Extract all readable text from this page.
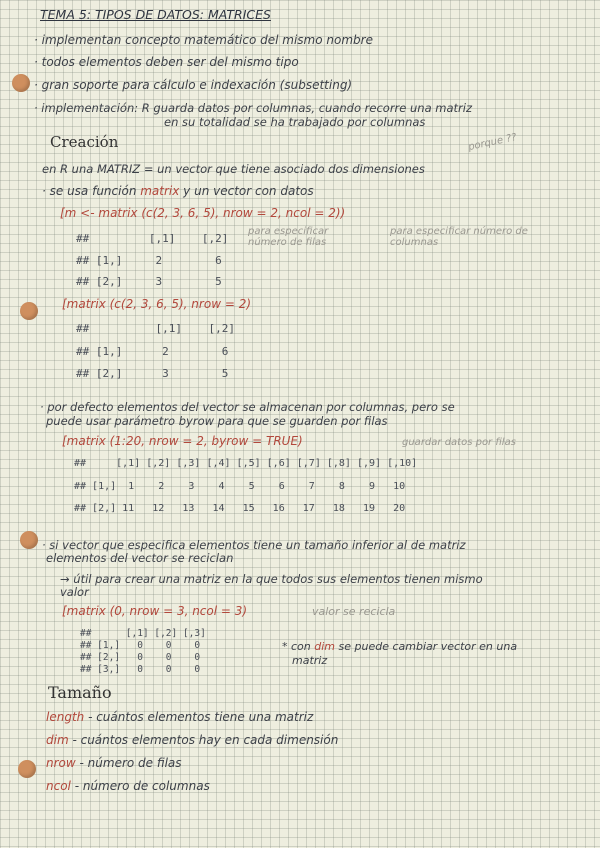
TEMA 5: TIPOS DE DATOS: MATRICES
· implementan concepto matemático del mismo nombre
· todos elementos deben ser del mismo tipo
· gran soporte para cálculo e indexación (subsetting)
· implementación: R guarda datos por columnas, cuando recorre una matriz
en su totalidad se ha trabajado por columnas
porque ??
Creación
en R una MATRIZ = un vector que tiene asociado dos dimensiones
· se usa función matrix y un vector con datos
[m <- matrix (c(2, 3, 6, 5), nrow = 2, ncol = 2))
para especificar número de filas
para especificar número de columnas
##         [,1]    [,2]
## [1,]     2        6
## [2,]     3        5
[matrix (c(2, 3, 6, 5), nrow = 2)
##          [,1]    [,2]
## [1,]      2        6
## [2,]      3        5
· por defecto elementos del vector se almacenan por columnas, pero se
puede usar parámetro byrow para que se guarden por filas
[matrix (1:20, nrow = 2, byrow = TRUE)	guardar datos por filas
##     [,1] [,2] [,3] [,4] [,5] [,6] [,7] [,8] [,9] [,10]
## [1,]  1    2    3    4    5    6    7    8    9   10
## [2,] 11   12   13   14   15   16   17   18   19   20
· si vector que especifica elementos tiene un tamaño inferior al de matriz
elementos del vector se reciclan
→ útil para crear una matriz en la que todos sus elementos tienen mismo
valor
[matrix (0, nrow = 3, ncol = 3)	valor se recicla
##      [,1] [,2] [,3]
## [1,]   0    0    0
## [2,]   0    0    0
## [3,]   0    0    0
* con dim se puede cambiar vector en una
matriz
Tamaño
length - cuántos elementos tiene una matriz
dim - cuántos elementos hay en cada dimensión
nrow - número de filas
ncol - número de columnas
